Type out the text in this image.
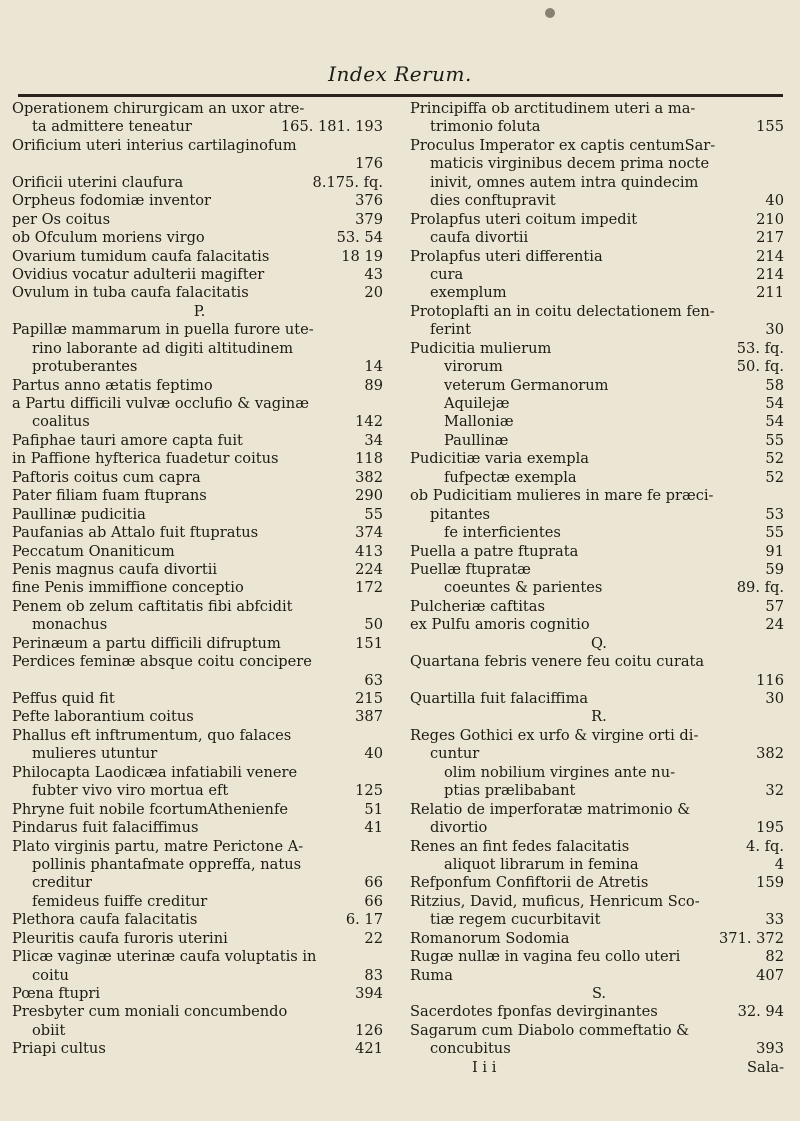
Index Rerum.
Operationem chirurgicam an uxor atre-
ta admittere teneatur	165. 181. 193
Orificium uteri interius cartilaginofum
176
Orificii uterini claufura	8.175. fq.
Orpheus fodomiæ inventor	376
per Os coitus	379
ob Ofculum moriens virgo	53. 54
Ovarium tumidum caufa falacitatis	18 19
Ovidius vocatur adulterii magifter	43
Ovulum in tuba caufa falacitatis	20
P.
Papillæ mammarum in puella furore ute-
rino laborante ad digiti altitudinem
protuberantes	14
Partus anno ætatis feptimo	89
a Partu difficili vulvæ occlufio & vaginæ
coalitus	142
Pafiphae tauri amore capta fuit	34
in Paffione hyfterica fuadetur coitus	118
Paftoris coitus cum capra	382
Pater filiam fuam ftuprans	290
Paullinæ pudicitia	55
Paufanias ab Attalo fuit ftupratus	374
Peccatum Onaniticum	413
Penis magnus caufa divortii	224
fine Penis immiffione conceptio	172
Penem ob zelum caftitatis fibi abfcidit
monachus	50
Perinæum a partu difficili difruptum	151
Perdices feminæ absque coitu concipere
63
Peffus quid fit	215
Pefte laborantium coitus	387
Phallus eft inftrumentum, quo falaces
mulieres utuntur	40
Philocapta Laodicæa infatiabili venere
fubter vivo viro mortua eft	125
Phryne fuit nobile fcortumAthenienfe	51
Pindarus fuit falaciffimus	41
Plato virginis partu, matre Perictone A-
pollinis phantafmate oppreffa, natus
creditur	66
femideus fuiffe creditur	66
Plethora caufa falacitatis	6. 17
Pleuritis caufa furoris uterini	22
Plicæ vaginæ uterinæ caufa voluptatis in
coitu	83
Pœna ftupri	394
Presbyter cum moniali concumbendo
obiit	126
Priapi cultus	421
Principiffa ob arctitudinem uteri a ma-
trimonio foluta	155
Proculus Imperator ex captis centumSar-
maticis virginibus decem prima nocte
inivit, omnes autem intra quindecim
dies conftupravit	40
Prolapfus uteri coitum impedit	210
caufa divortii	217
Prolapfus uteri differentia	214
cura	214
exemplum	211
Protoplafti an in coitu delectationem fen-
ferint	30
Pudicitia mulierum	53. fq.
virorum	50. fq.
veterum Germanorum	58
Aquilejæ	54
Malloniæ	54
Paullinæ	55
Pudicitiæ varia exempla	52
fufpectæ exempla	52
ob Pudicitiam mulieres in mare fe præci-
pitantes	53
fe interficientes	55
Puella a patre ftuprata	91
Puellæ ftupratæ	59
coeuntes & parientes	89. fq.
Pulcheriæ caftitas	57
ex Pulfu amoris cognitio	24
Q.
Quartana febris venere feu coitu curata
116
Quartilla fuit falaciffima	30
R.
Reges Gothici ex urfo & virgine orti di-
cuntur	382
olim nobilium virgines ante nu-
ptias prælibabant	32
Relatio de imperforatæ matrimonio &
divortio	195
Renes an fint fedes falacitatis	4. fq.
aliquot librarum in femina	4
Refponfum Confiftorii de Atretis	159
Ritzius, David, muficus, Henricum Sco-
tiæ regem cucurbitavit	33
Romanorum Sodomia	371. 372
Rugæ nullæ in vagina feu collo uteri	82
Ruma	407
S.
Sacerdotes fponfas devirginantes	32. 94
Sagarum cum Diabolo commeftatio &
concubitus	393
I i i	Sala-
